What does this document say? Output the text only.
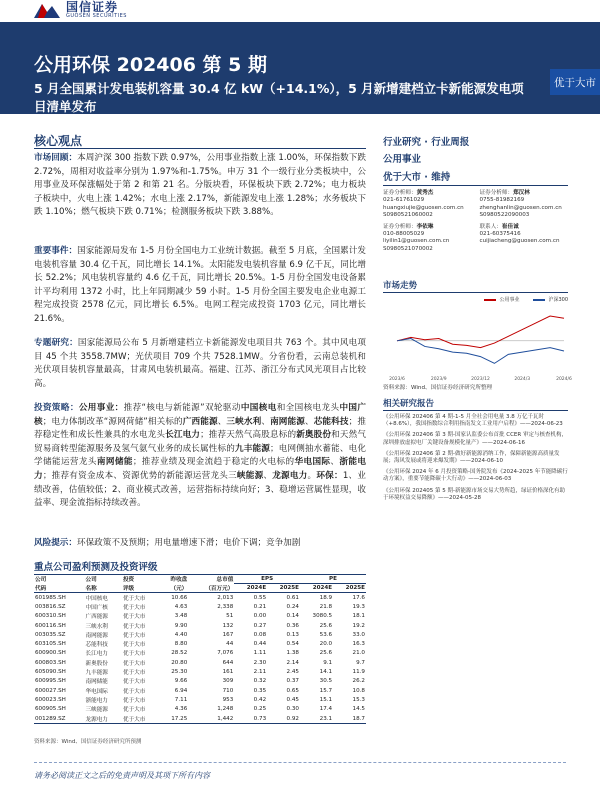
国信证券
GUOSEN SECURITIES
公用环保 202406 第 5 期
5 月全国累计发电装机容量 30.4 亿 kW（+14.1%），5 月新增建档立卡新能源发电项目清单发布
优于大市
核心观点
市场回顾：本周沪深 300 指数下跌 0.97%，公用事业指数上涨 1.00%，环保指数下跌 2.72%，周相对收益率分别为 1.97%和-1.75%。申万 31 个一级行业分类板块中，公用事业及环保涨幅处于第 2 和第 21 名。分版块看，环保板块下跌 2.72%；电力板块子板块中，火电上涨 1.42%；水电上涨 2.17%，新能源发电上涨 1.28%；水务板块下跌 1.10%；燃气板块下跌 0.71%；检测服务板块下跌 3.88%。
重要事件：国家能源局发布 1-5 月份全国电力工业统计数据。截至 5 月底，全国累计发电装机容量 30.4 亿千瓦，同比增长 14.1%。太阳能发电装机容量 6.9 亿千瓦，同比增长 52.2%；风电装机容量约 4.6 亿千瓦，同比增长 20.5%。1-5 月份全国发电设备累计平均利用 1372 小时，比上年同期减少 59 小时。1-5 月份全国主要发电企业电源工程完成投资 2578 亿元，同比增长 6.5%。电网工程完成投资 1703 亿元，同比增长 21.6%。
专题研究：国家能源局公布 5 月新增建档立卡新能源发电项目共 763 个。其中风电项目 45 个共 3558.7MW；光伏项目 709 个共 7528.1MW。分省份看，云南总装机和光伏项目装机容量最高，甘肃风电装机最高。福建、江苏、浙江分布式风光项目占比较高。
投资策略：公用事业：推荐“核电与新能源”双轮驱动中国核电和全国核电龙头中国广核；电力体制改革“源网荷储”相关标的广西能源、三峡水利、南网能源、芯能科技；推荐稳定性和成长性兼具的水电龙头长江电力；推荐天然气高股息标的新奥股份和天然气贸易商转型能源服务及氢气氨气业务的成长属性标的九丰能源；电网侧抽水蓄能、电化学储能运营龙头南网储能；推荐业绩及现金流趋于稳定的火电标的华电国际、浙能电力；推荐有资金成本、资源优势的新能源运营龙头三峡能源、龙源电力。环保：1、业绩改善，估值较低；2、商业模式改善，运营指标持续向好；3、稳增运营属性显现，收益率、现金流指标持续改善。
风险提示：环保政策不及预期；用电量增速下滑；电价下调；竞争加剧
重点公司盈利预测及投资评级
公司	公司	投资	昨收盘	总市值	EPS		PE	
代码	名称	评级	（元）	（百万元）	2024E	2025E	2024E	2025E
601985.SH	中国核电	优于大市	10.66	2,013	0.55	0.61	18.9	17.6
003816.SZ	中国广核	优于大市	4.63	2,338	0.21	0.24	21.8	19.3
600310.SH	广西能源	优于大市	3.48	51	0.00	0.14	3080.5	18.1
600116.SH	三峡水利	优于大市	9.90	132	0.27	0.36	25.6	19.2
003035.SZ	南网能源	优于大市	4.40	167	0.08	0.13	53.6	33.0
603105.SH	芯能科技	优于大市	8.80	44	0.44	0.54	20.0	16.3
600900.SH	长江电力	优于大市	28.52	7,076	1.11	1.38	25.6	21.0
600803.SH	新奥股份	优于大市	20.80	644	2.30	2.14	9.1	9.7
605090.SH	九丰能源	优于大市	25.30	161	2.11	2.45	14.1	11.9
600995.SH	南网储能	优于大市	9.66	309	0.32	0.37	30.5	26.2
600027.SH	华电国际	优于大市	6.94	710	0.35	0.65	15.7	10.8
600023.SH	浙能电力	优于大市	7.11	953	0.42	0.45	15.1	15.3
600905.SH	三峡能源	优于大市	4.36	1,248	0.25	0.30	17.4	14.5
001289.SZ	龙源电力	优于大市	17.25	1,442	0.73	0.92	23.1	18.7
资料来源：Wind、国信证券经济研究所预测
行业研究 · 行业周报
公用事业
优于大市 · 维持
证券分析师：黄秀杰
021-61761029
huangxiujie@guosen.com.cn
S0980521060002
证券分析师：郑汉林
0755-81982169
zhenghanlin@guosen.com.cn
S0980522090003
证券分析师：李依琳
010-88005029
liyilin1@guosen.com.cn
S0980521070002
联系人：崔佳诚
021-60375416
cuijiacheng@guosen.com.cn
市场走势
公用事业	沪深300
2023/6	2023/9	2023/12	2024/3	2024/6
资料来源：Wind、国信证券经济研究所整理
相关研究报告
《公用环保 202406 第 4 期-1-5 月全社会用电量 3.8 万亿千瓦时（+8.6%），我国指数综合利用指南发文工业用户启程》——2024-06-23
《公用环保 202406 第 3 期-国家认监委公布首批 CCER 审定与核查机构，深圳排放虚拟电厂关键设备规模化量产》——2024-06-16
《公用环保 202406 第 2 期-做好新能源消纳工作，保障新能源高质量发展；海风发展或将迎来爆发期》——2024-06-10
《公用环保 2024 年 6 月投资策略-国务院发布《2024-2025 年节能降碳行动方案》，重要节能降碳十大行动》——2024-06-03
《公用环保 202405 第 5 期-新能源市场交易大势所趋，绿证价格深化有助于环境权益交易降额》——2024-05-28
请务必阅读正文之后的免责声明及其项下所有内容
